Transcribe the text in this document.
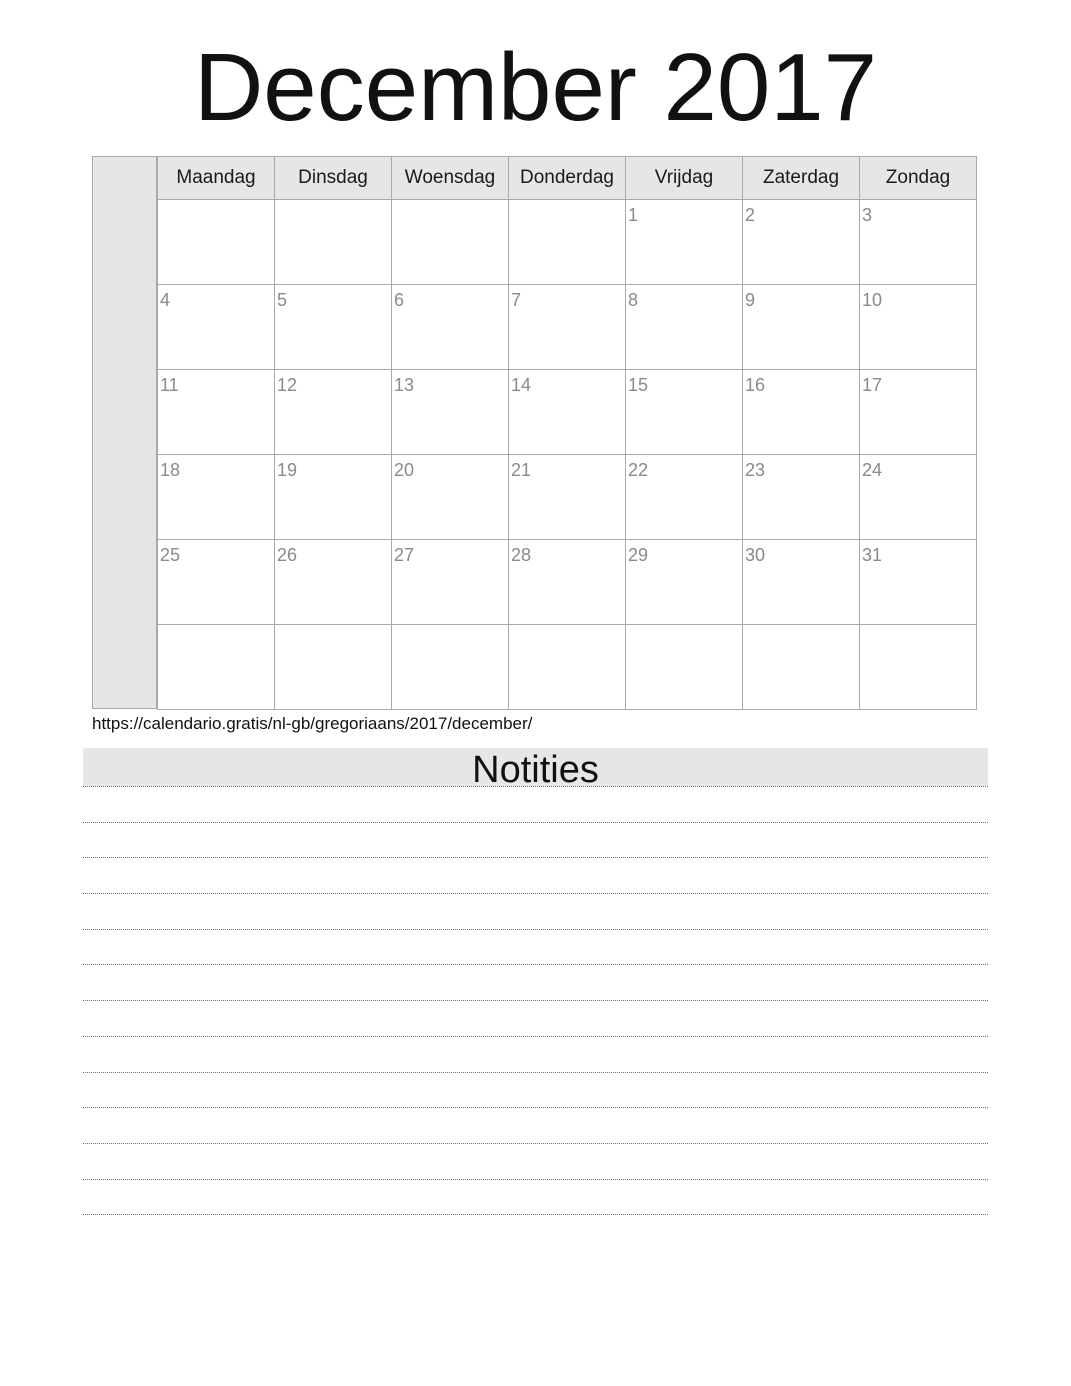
December 2017
Maandag	Dinsdag	Woensdag	Donderdag	Vrijdag	Zaterdag	Zondag

				1	2	3

4	5	6	7	8	9	10

11	12	13	14	15	16	17

18	19	20	21	22	23	24

25	26	27	28	29	30	31

https://calendario.gratis/nl-gb/gregoriaans/2017/december/
Notities
